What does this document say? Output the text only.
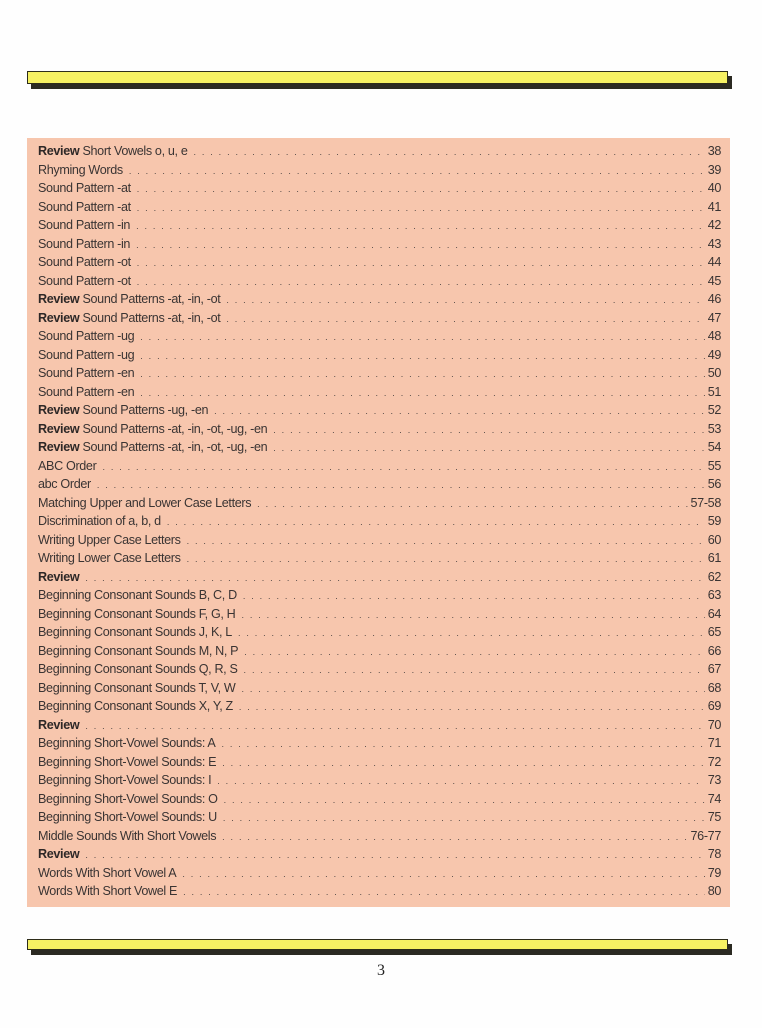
Review Short Vowels o, u, e . . .	38
Rhyming Words . . .	39
Sound Pattern -at . . .	40
Sound Pattern -at . . .	41
Sound Pattern -in . . .	42
Sound Pattern -in . . .	43
Sound Pattern -ot . . .	44
Sound Pattern -ot . . .	45
Review Sound Patterns -at, -in, -ot . . .	46
Review Sound Patterns -at, -in, -ot . . .	47
Sound Pattern -ug . . .	48
Sound Pattern -ug . . .	49
Sound Pattern -en . . .	50
Sound Pattern -en . . .	51
Review Sound Patterns -ug, -en . . .	52
Review Sound Patterns -at, -in, -ot, -ug, -en . . .	53
Review Sound Patterns -at, -in, -ot, -ug, -en . . .	54
ABC Order . . .	55
abc Order . . .	56
Matching Upper and Lower Case Letters . . .	57-58
Discrimination of a, b, d . . .	59
Writing Upper Case Letters . . .	60
Writing Lower Case Letters . . .	61
Review . . .	62
Beginning Consonant Sounds B, C, D . . .	63
Beginning Consonant Sounds F, G, H . . .	64
Beginning Consonant Sounds J, K, L . . .	65
Beginning Consonant Sounds M, N, P . . .	66
Beginning Consonant Sounds Q, R, S . . .	67
Beginning Consonant Sounds T, V, W . . .	68
Beginning Consonant Sounds X, Y, Z . . .	69
Review . . .	70
Beginning Short-Vowel Sounds: A . . .	71
Beginning Short-Vowel Sounds: E . . .	72
Beginning Short-Vowel Sounds: I . . .	73
Beginning Short-Vowel Sounds: O . . .	74
Beginning Short-Vowel Sounds: U . . .	75
Middle Sounds With Short Vowels . . .	76-77
Review . . .	78
Words With Short Vowel A . . .	79
Words With Short Vowel E . . .	80
3
